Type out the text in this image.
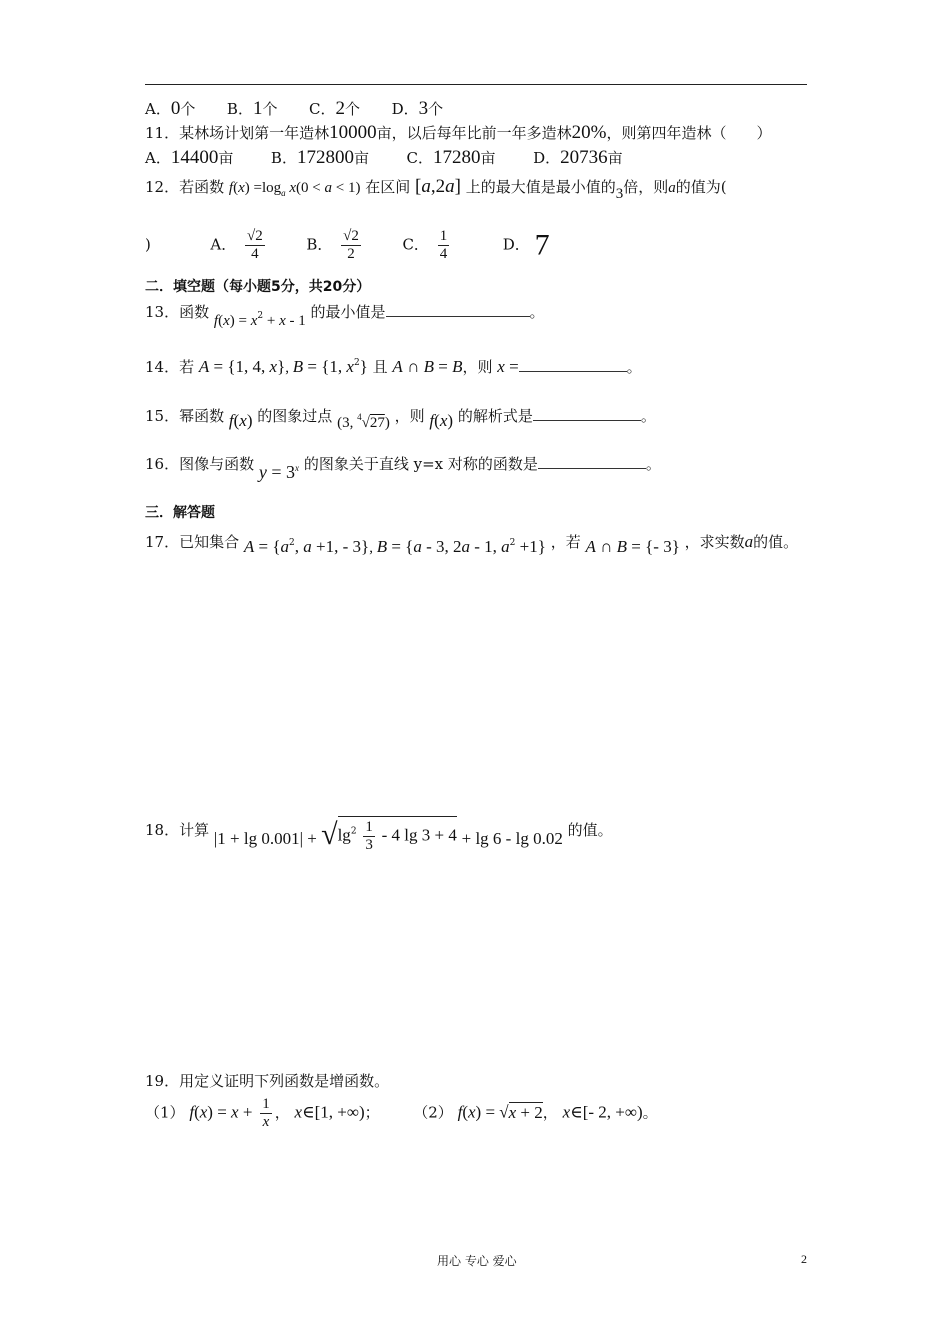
A．0个 B．1个 C．2个 D．3个
11．某林场计划第一年造林10000亩，以后每年比前一年多造林20%，则第四年造林（　　）
A．14400亩	B．172800亩	C．17280亩	D．20736亩
12．若函数 $f(x) =\log_a$ x(0 < a < 1) 在区间 [a,2a] 上的最大值是最小值的3倍，则a的值为(
)	A． $\frac{√2}{4}$	B． $\frac{√2}{2}$	C． $\frac{1}{4}$	D． 7
二．填空题（每小题5分，共20分）
13．函数 $f(x) = x^2 + x - 1$ 的最小值是	。
14．若 A = {1, 4, x}, B = {1, $x^2$} 且 A ∩ B = B，则 x =	。
15．幂函数 f(x) 的图象过点 (3, $^4$√27) ，则 f(x) 的解析式是	。
16．图像与函数 $y = 3^x$ 的图象关于直线 y=x 对称的函数是	。
三．解答题
17．已知集合 $A = \{a^2$, a +1, - 3}, B = {a - 3, 2a - 1, $a^2 +1$} ，若 A ∩ B = {- 3} ，求实数a的值。
18．计算 $|1 + \lg 0.001| + √\lg^2 \frac{1}{3} - 4$ lg 3 + 4 + lg 6 - lg 0.02 的值。
19．用定义证明下列函数是增函数。
（1） $f(x) = x + \frac{1}{x}$ ， x∈[1, +∞)； （2） f(x) = √x + 2， x∈[- 2, +∞)。
用心 专心 爱心	2
